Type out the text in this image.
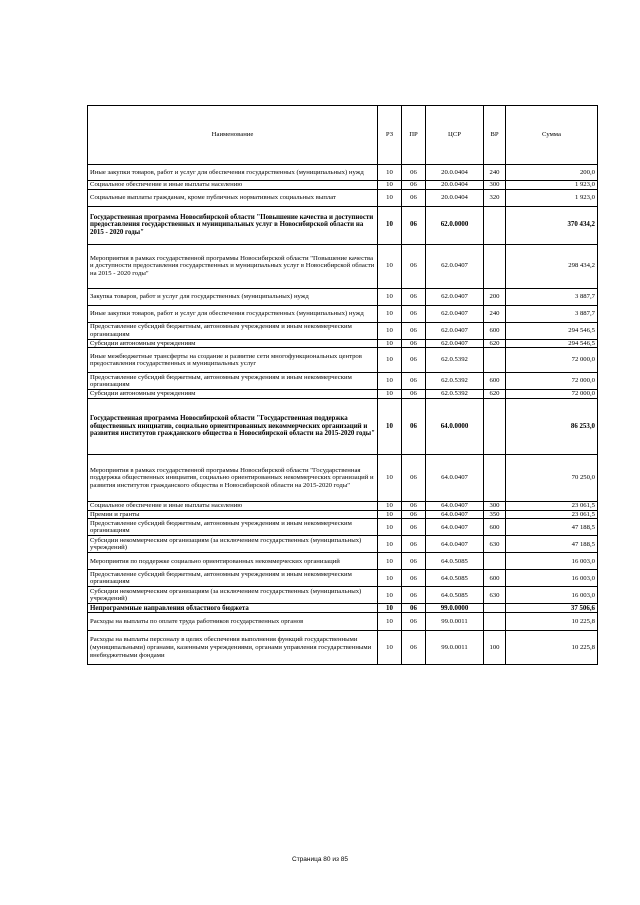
Наименование	РЗ	ПР	ЦСР	ВР	Сумма
Иные закупки товаров, работ и услуг для обеспечения государственных (муниципальных) нужд	10	06	20.0.0404	240	200,0
Социальное обеспечение и иные выплаты населению	10	06	20.0.0404	300	1 923,0
Социальные выплаты гражданам, кроме публичных нормативных социальных выплат	10	06	20.0.0404	320	1 923,0
Государственная программа Новосибирской области "Повышение качества и доступности предоставления государственных и муниципальных услуг в Новосибирской области на 2015 - 2020 годы"	10	06	62.0.0000		370 434,2
Мероприятия в рамках государственной программы Новосибирской области "Повышение качества и доступности предоставления государственных и муниципальных услуг в Новосибирской области на 2015 - 2020 годы"	10	06	62.0.0407		298 434,2
Закупка товаров, работ и услуг для государственных (муниципальных) нужд	10	06	62.0.0407	200	3 887,7
Иные закупки товаров, работ и услуг для обеспечения государственных (муниципальных) нужд	10	06	62.0.0407	240	3 887,7
Предоставление субсидий бюджетным, автономным учреждениям и иным некоммерческим организациям	10	06	62.0.0407	600	294 546,5
Субсидии автономным учреждениям	10	06	62.0.0407	620	294 546,5
Иные межбюджетные трансферты на создание и развитие сети многофункциональных центров предоставления государственных и муниципальных услуг	10	06	62.0.5392		72 000,0
Предоставление субсидий бюджетным, автономным учреждениям и иным некоммерческим организациям	10	06	62.0.5392	600	72 000,0
Субсидии автономным учреждениям	10	06	62.0.5392	620	72 000,0
Государственная программа Новосибирской области "Государственная поддержка общественных инициатив, социально ориентированных некоммерческих организаций и развития институтов гражданского общества в Новосибирской области на 2015-2020 годы"	10	06	64.0.0000		86 253,0
Мероприятия в рамках государственной программы Новосибирской области "Государственная поддержка общественных инициатив, социально ориентированных некоммерческих организаций и развития институтов гражданского общества в Новосибирской области на 2015-2020 годы"	10	06	64.0.0407		70 250,0
Социальное обеспечение и иные выплаты населению	10	06	64.0.0407	300	23 061,5
Премии и гранты	10	06	64.0.0407	350	23 061,5
Предоставление субсидий бюджетным, автономным учреждениям и иным некоммерческим организациям	10	06	64.0.0407	600	47 188,5
Субсидии некоммерческим организациям (за исключением государственных (муниципальных) учреждений)	10	06	64.0.0407	630	47 188,5
Мероприятия по поддержке социально ориентированных некоммерческих организаций	10	06	64.0.5085		16 003,0
Предоставление субсидий бюджетным, автономным учреждениям и иным некоммерческим организациям	10	06	64.0.5085	600	16 003,0
Субсидии некоммерческим организациям (за исключением государственных (муниципальных) учреждений)	10	06	64.0.5085	630	16 003,0
Непрограммные направления областного бюджета	10	06	99.0.0000		37 506,6
Расходы на выплаты по оплате труда работников государственных органов	10	06	99.0.0011		10 225,8
Расходы на выплаты персоналу в целях обеспечения выполнения функций государственными (муниципальными) органами, казенными учреждениями, органами управления государственными внебюджетными фондами	10	06	99.0.0011	100	10 225,8
Страница 80 из 85
